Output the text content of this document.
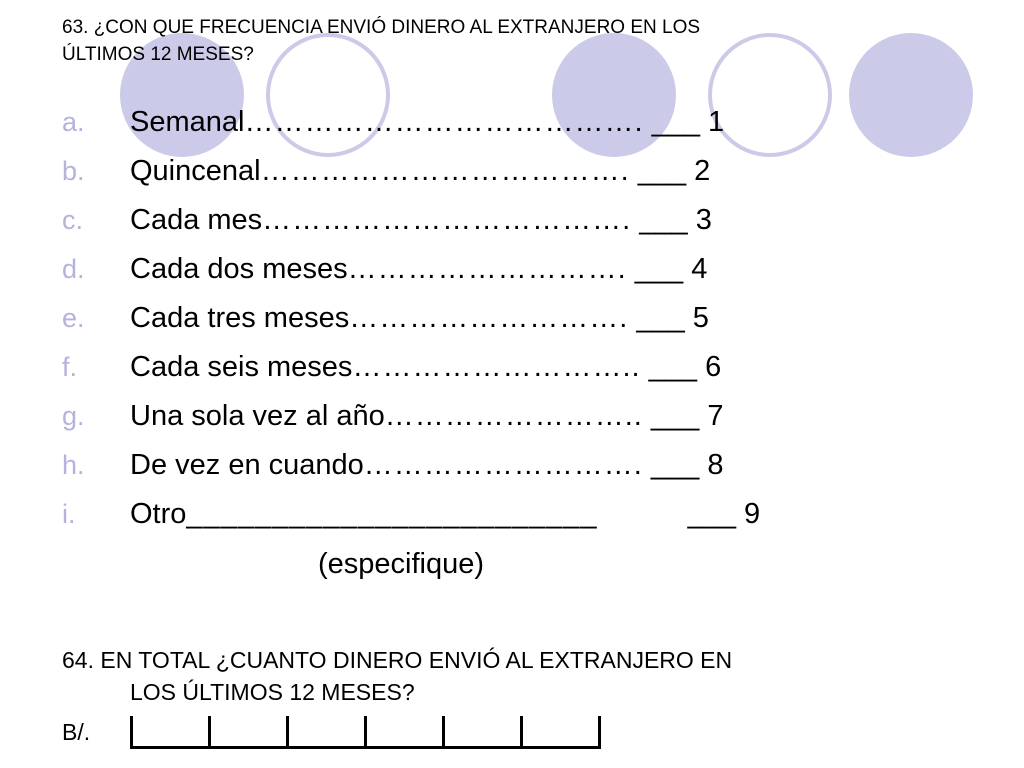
63. ¿CON QUE FRECUENCIA ENVIÓ DINERO AL EXTRANJERO EN LOS
ÚLTIMOS 12 MESES?
a. Semanal…………………………………. ___ 1
b. Quincenal………………………………. ___ 2
c. Cada mes………………………………. ___ 3
d. Cada dos meses………………………. ___ 4
e. Cada tres meses………………………. ___ 5
f. Cada seis meses……………………….. ___ 6
g. Una sola vez al año…………………….. ___ 7
h. De vez en cuando………………………. ___ 8
i. Otro________________________	___ 9
(especifique)
64. EN TOTAL ¿CUANTO DINERO ENVIÓ AL EXTRANJERO EN
LOS ÚLTIMOS 12 MESES?
B/.
